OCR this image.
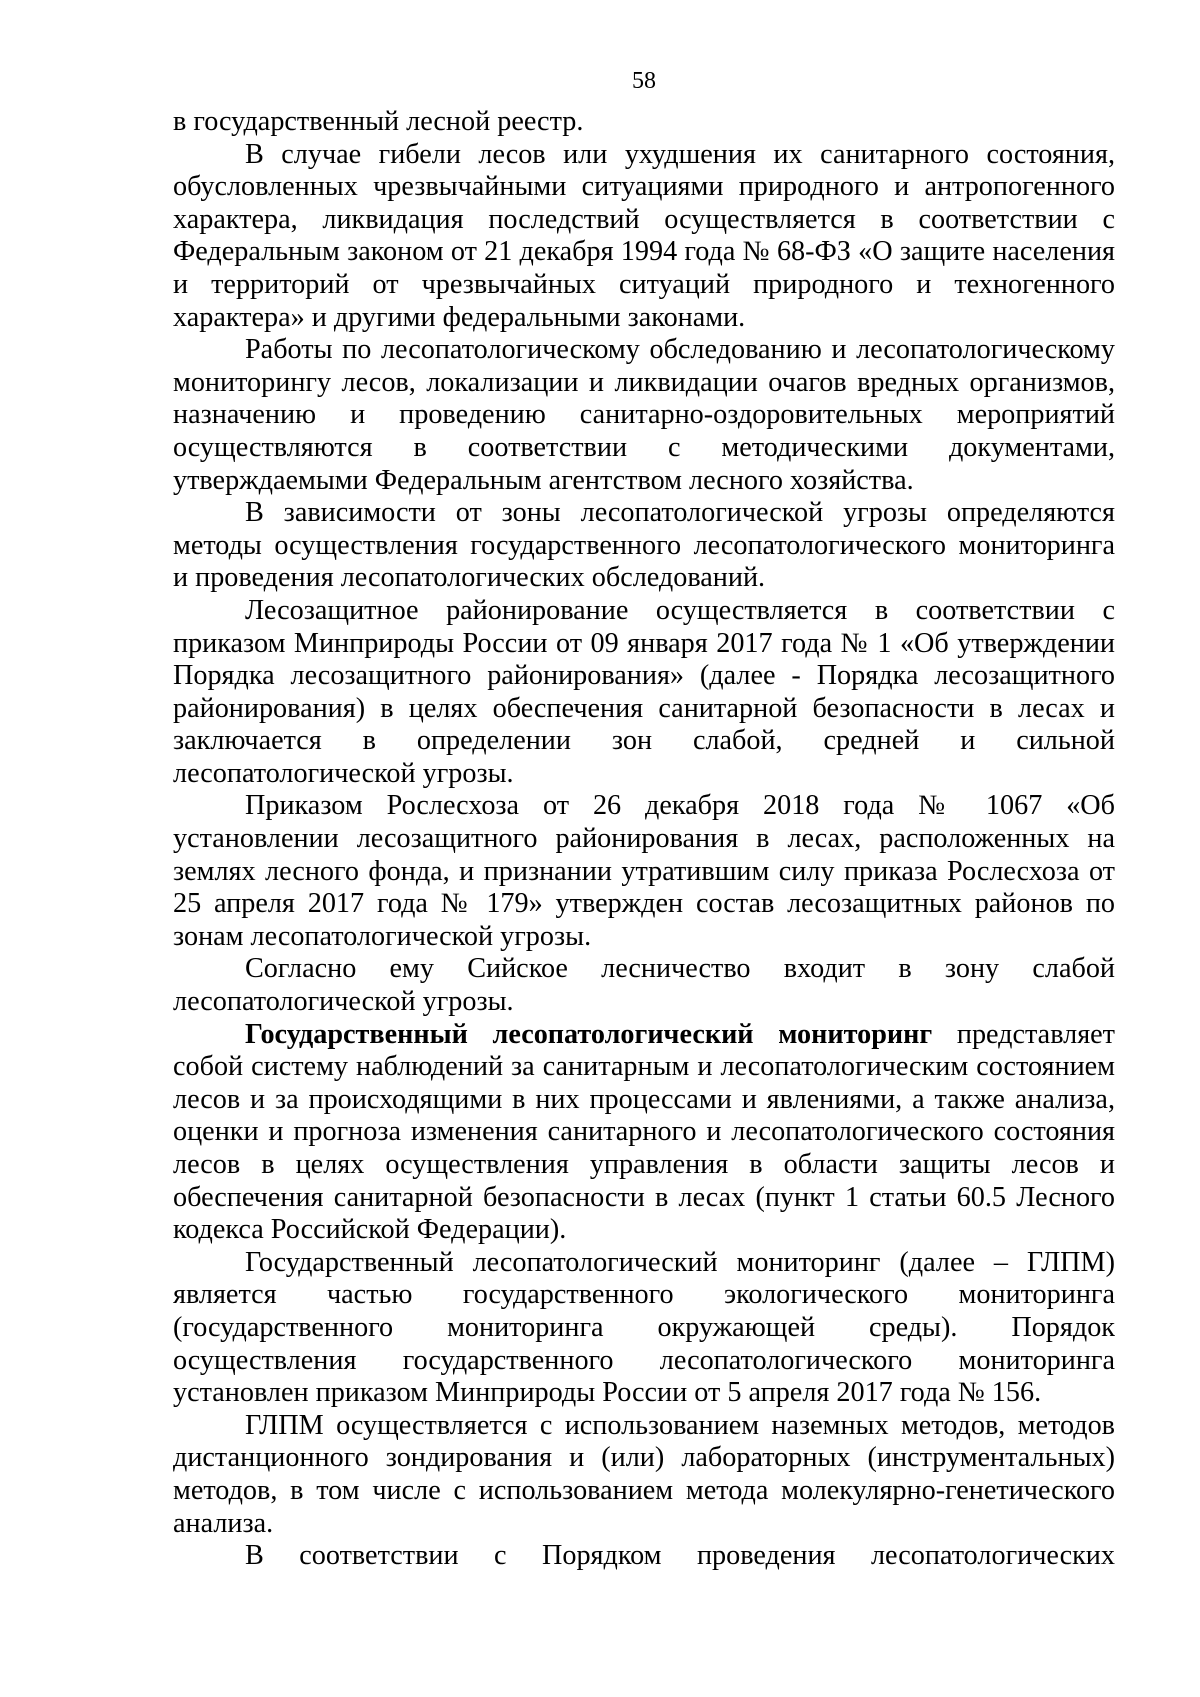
58

в государственный лесной реестр.

В случае гибели лесов или ухудшения их санитарного состояния, обусловленных чрезвычайными ситуациями природного и антропогенного характера, ликвидация последствий осуществляется в соответствии с Федеральным законом от 21 декабря 1994 года № 68-ФЗ «О защите населения и территорий от чрезвычайных ситуаций природного и техногенного характера» и другими федеральными законами.

Работы по лесопатологическому обследованию и лесопатологическому мониторингу лесов, локализации и ликвидации очагов вредных организмов, назначению и проведению санитарно-оздоровительных мероприятий осуществляются в соответствии с методическими документами, утверждаемыми Федеральным агентством лесного хозяйства.

В зависимости от зоны лесопатологической угрозы определяются методы осуществления государственного лесопатологического мониторинга и проведения лесопатологических обследований.

Лесозащитное районирование осуществляется в соответствии с приказом Минприроды России от 09 января 2017 года № 1 «Об утверждении Порядка лесозащитного районирования» (далее - Порядка лесозащитного районирования) в целях обеспечения санитарной безопасности в лесах и заключается в определении зон слабой, средней и сильной лесопатологической угрозы.

Приказом Рослесхоза от 26 декабря 2018 года № 1067 «Об установлении лесозащитного районирования в лесах, расположенных на землях лесного фонда, и признании утратившим силу приказа Рослесхоза от 25 апреля 2017 года № 179» утвержден состав лесозащитных районов по зонам лесопатологической угрозы.

Согласно ему Сийское лесничество входит в зону слабой лесопатологической угрозы.

Государственный лесопатологический мониторинг представляет собой систему наблюдений за санитарным и лесопатологическим состоянием лесов и за происходящими в них процессами и явлениями, а также анализа, оценки и прогноза изменения санитарного и лесопатологического состояния лесов в целях осуществления управления в области защиты лесов и обеспечения санитарной безопасности в лесах (пункт 1 статьи 60.5 Лесного кодекса Российской Федерации).

Государственный лесопатологический мониторинг (далее – ГЛПМ) является частью государственного экологического мониторинга (государственного мониторинга окружающей среды). Порядок осуществления государственного лесопатологического мониторинга установлен приказом Минприроды России от 5 апреля 2017 года № 156.

ГЛПМ осуществляется с использованием наземных методов, методов дистанционного зондирования и (или) лабораторных (инструментальных) методов, в том числе с использованием метода молекулярно-генетического анализа.

В соответствии с Порядком проведения лесопатологических
